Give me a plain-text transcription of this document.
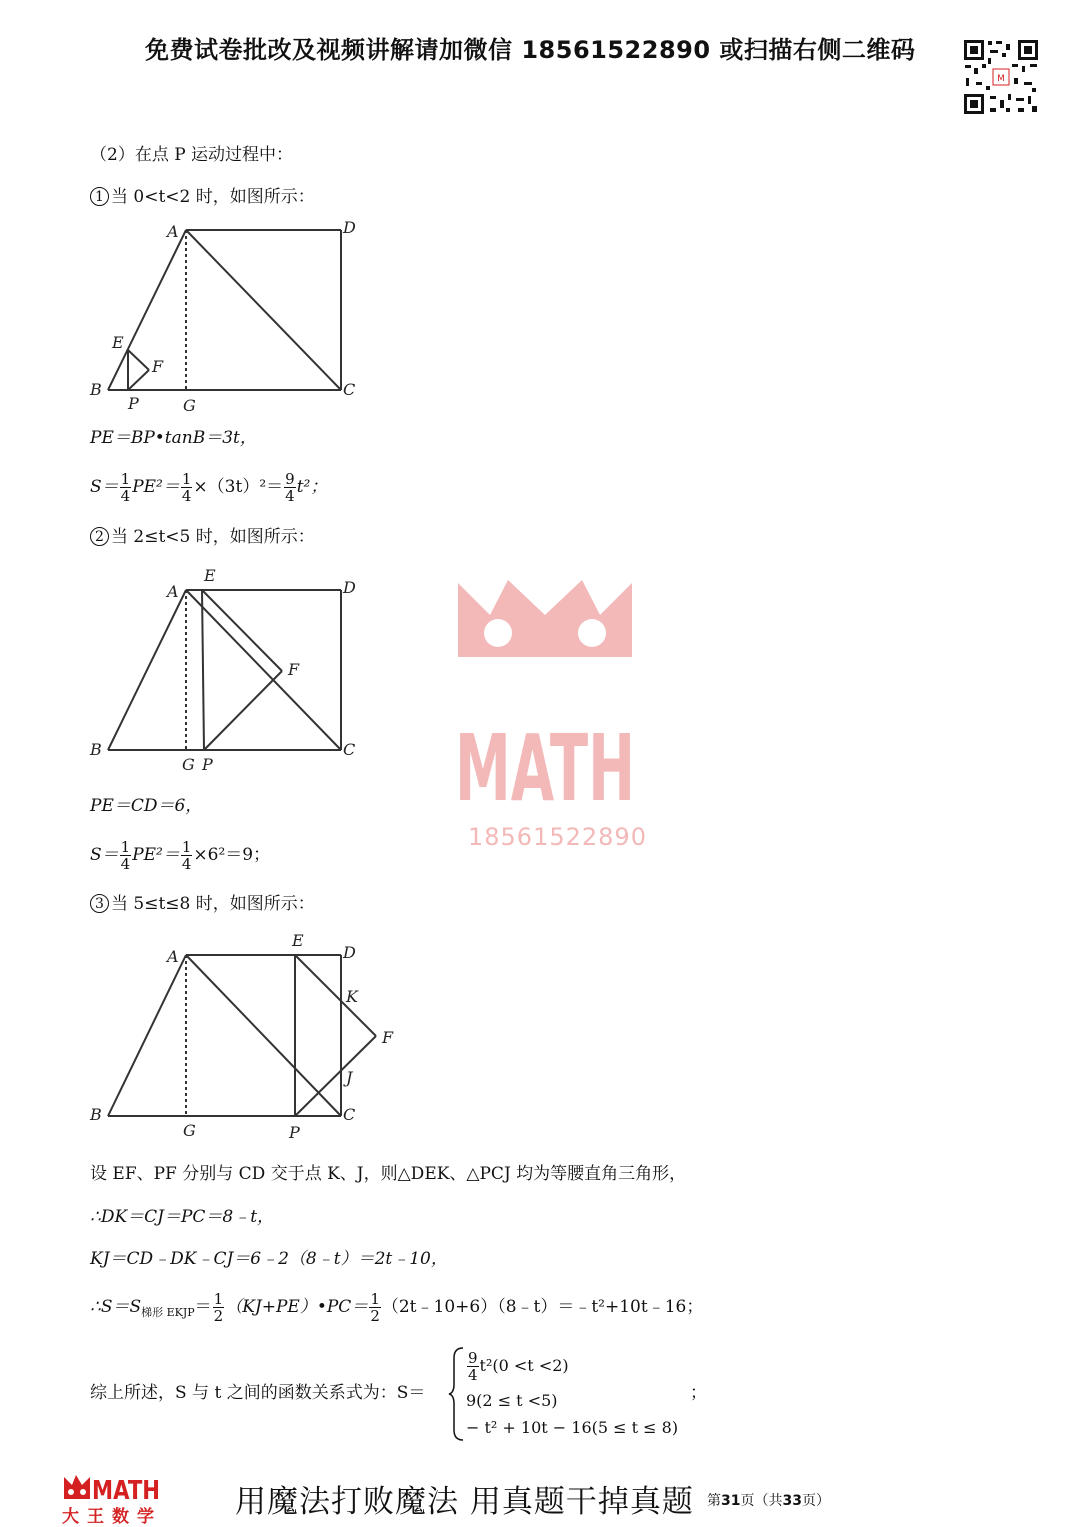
免费试卷批改及视频讲解请加微信 18561522890 或扫描右侧二维码
M
（2）在点 P 运动过程中：
1 当 0<t<2 时，如图所示：
A	D
E
F
B
P	G
C
PE＝BP•tanB＝3t，
$S= \frac{1}{4} PE^2= \frac{1}{4} \times(3t)^2= \frac{9}{4} t^2$；
2 当 2≤t<5 时，如图所示：
A
E
D
F
B
G P
C MATH
18561522890
PE＝CD＝6，
$S= \frac{1}{4} PE^2= \frac{1}{4} \times 6^2=9$；
3 当 5≤t≤8 时，如图所示：
E
A	D
K
F
J
B
G	P
C
设 EF、PF 分别与 CD 交于点 K、J，则△DEK、△PCJ 均为等腰直角三角形，
∴DK＝CJ＝PC＝8﹣t，
KJ＝CD﹣DK﹣CJ＝6﹣2（8﹣t）＝2t﹣10，
$\therefore S=S_{梯形 EKJP}= \frac{1}{2}$ （KJ+PE）•PC＝ $\frac{1}{2}$ （2t﹣10+6）（8﹣t）＝﹣t²+10t﹣16；
综上所述，S 与 t 之间的函数关系式为：S＝
$\frac{9}{4} t^2(0 <t <2)$
9(2 ≤ t <5)
− t² + 10t − 16(5 ≤ t ≤ 8)
；
MATH
大王数学 用魔法打败魔法 用真题干掉真题 第31页（共33页）
